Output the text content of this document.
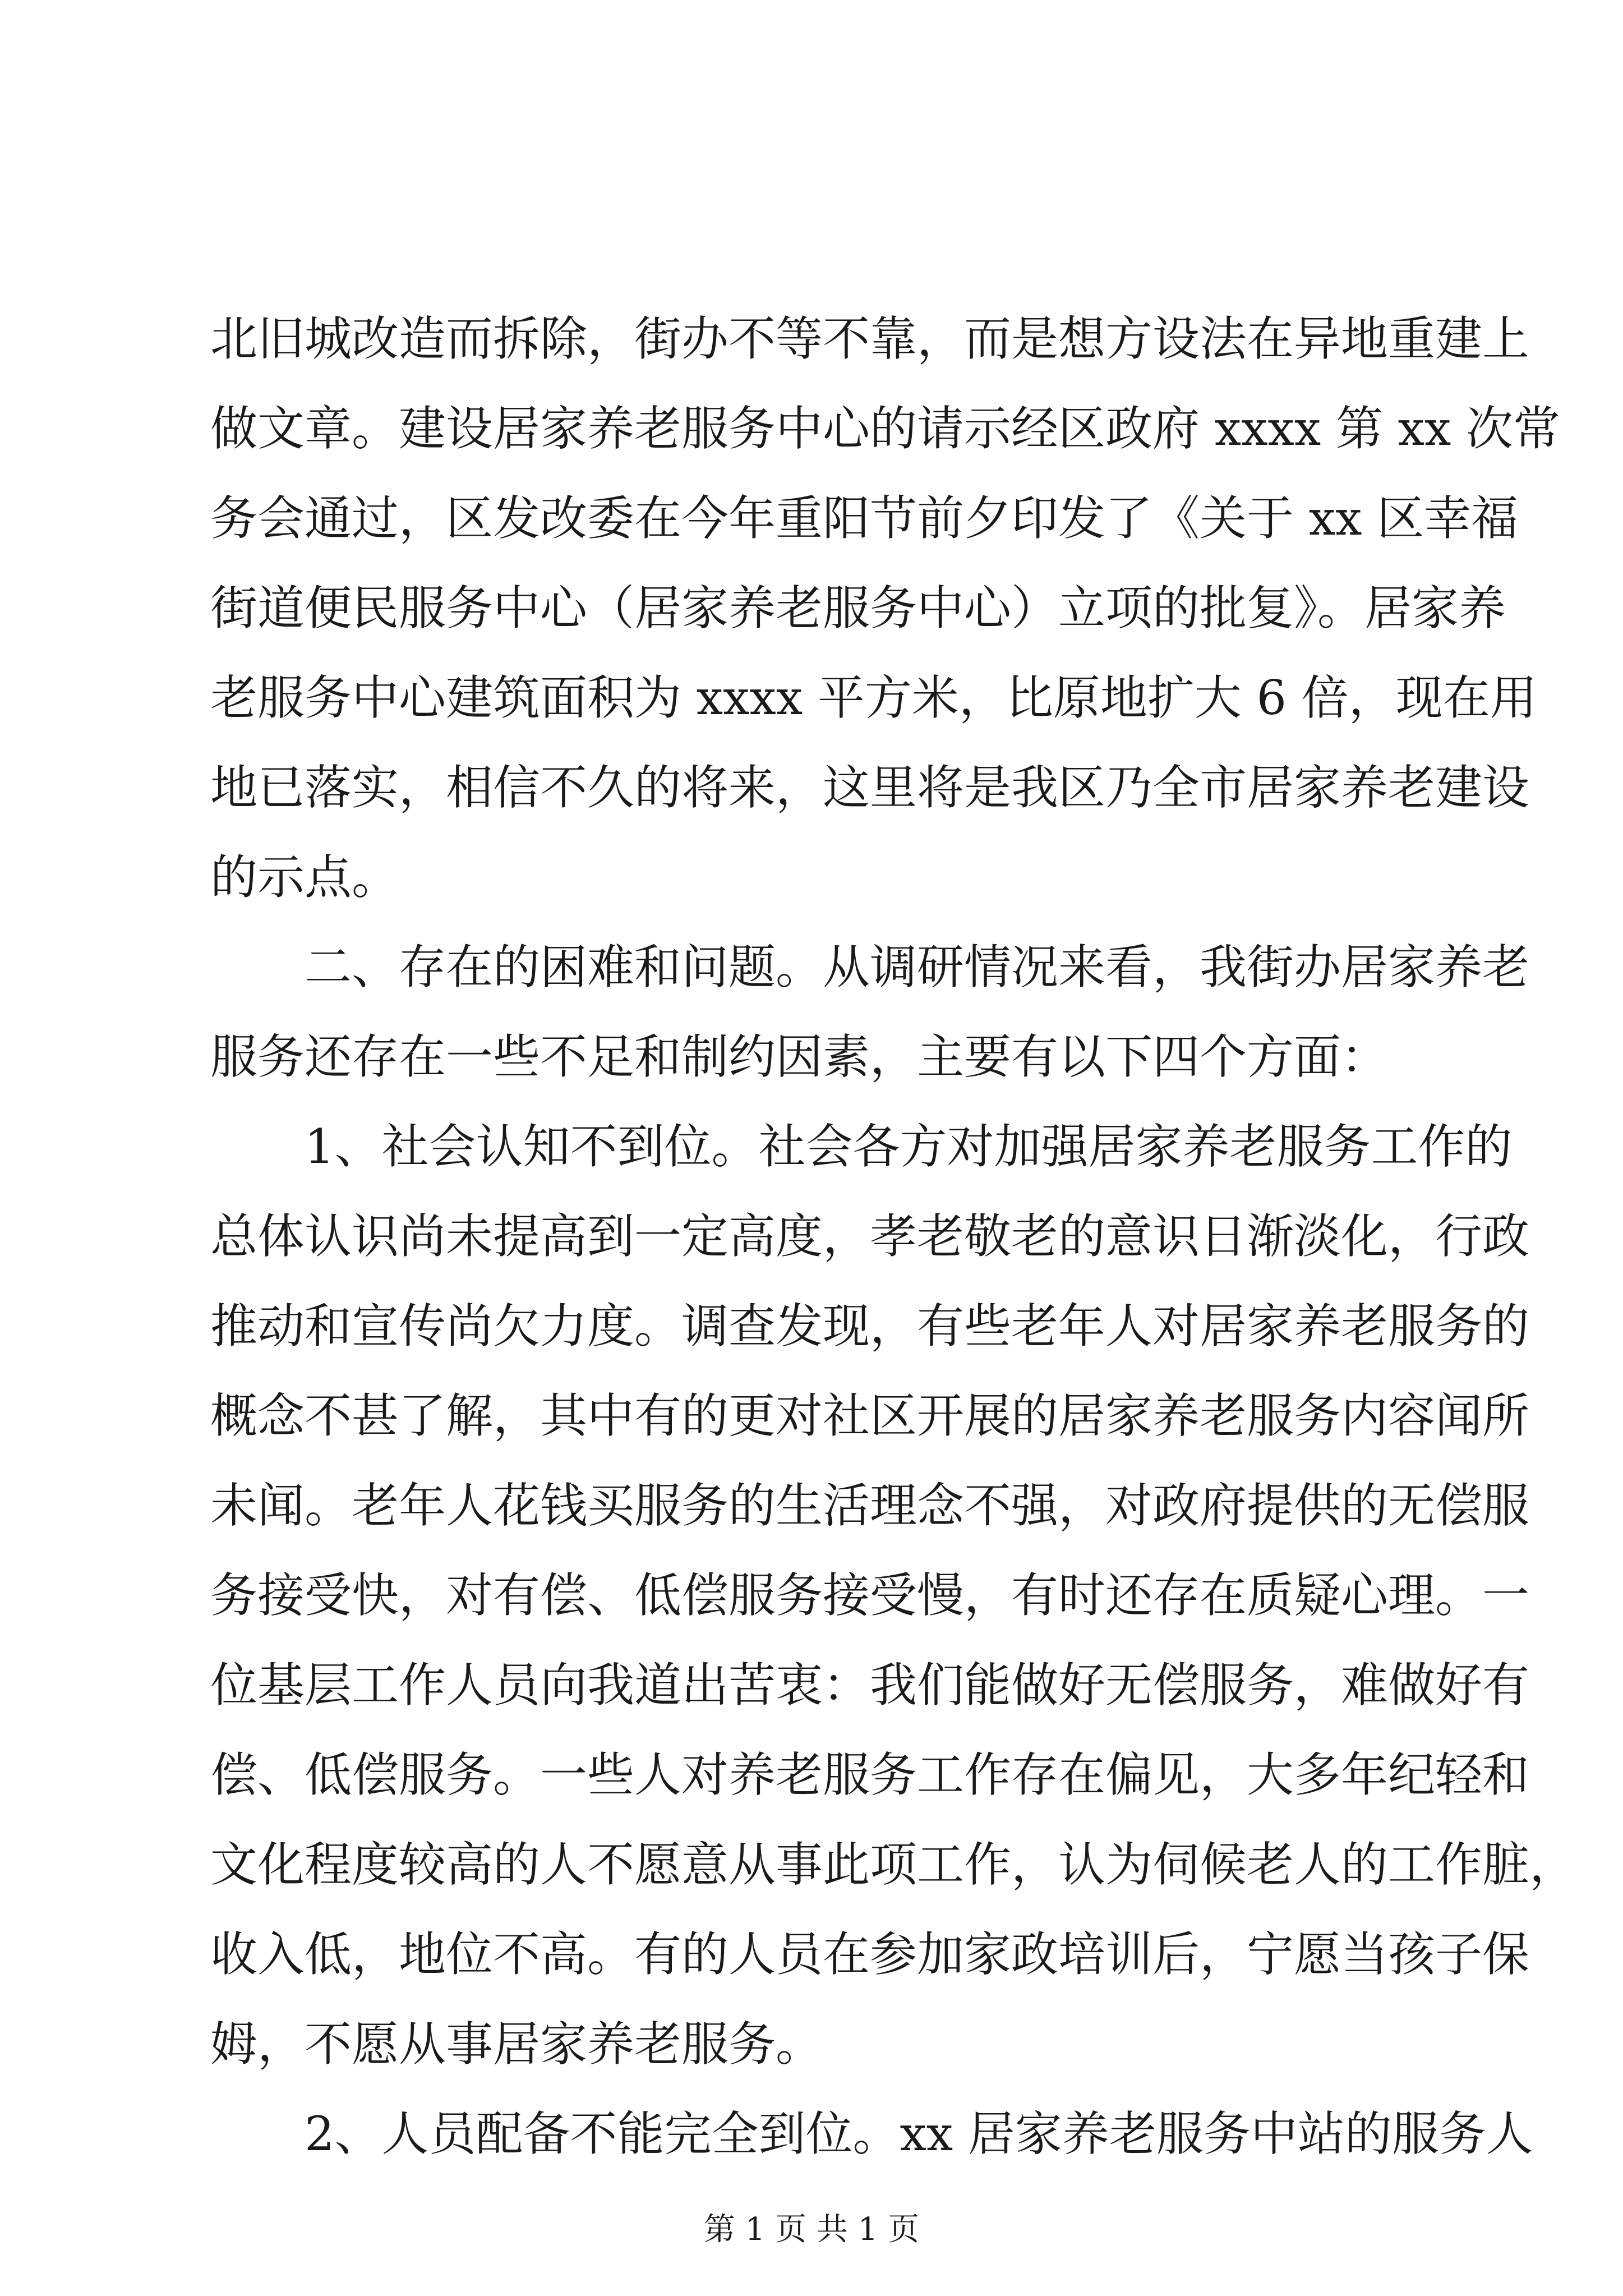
北旧城改造而拆除，街办不等不靠，而是想方设法在异地重建上
做文章。建设居家养老服务中心的请示经区政府 xxxx 第 xx 次常
务会通过，区发改委在今年重阳节前夕印发了《关于 xx 区幸福
街道便民服务中心（居家养老服务中心）立项的批复》。居家养
老服务中心建筑面积为 xxxx 平方米，比原地扩大 6 倍，现在用
地已落实，相信不久的将来，这里将是我区乃全市居家养老建设
的示点。
二、存在的困难和问题。从调研情况来看，我街办居家养老
服务还存在一些不足和制约因素，主要有以下四个方面：
1、社会认知不到位。社会各方对加强居家养老服务工作的
总体认识尚未提高到一定高度，孝老敬老的意识日渐淡化，行政
推动和宣传尚欠力度。调查发现，有些老年人对居家养老服务的
概念不甚了解，其中有的更对社区开展的居家养老服务内容闻所
未闻。老年人花钱买服务的生活理念不强，对政府提供的无偿服
务接受快，对有偿、低偿服务接受慢，有时还存在质疑心理。一
位基层工作人员向我道出苦衷：我们能做好无偿服务，难做好有
偿、低偿服务。一些人对养老服务工作存在偏见，大多年纪轻和
文化程度较高的人不愿意从事此项工作，认为伺候老人的工作脏，
收入低，地位不高。有的人员在参加家政培训后，宁愿当孩子保
姆，不愿从事居家养老服务。
2、人员配备不能完全到位。xx 居家养老服务中站的服务人
第 1 页 共 1 页
